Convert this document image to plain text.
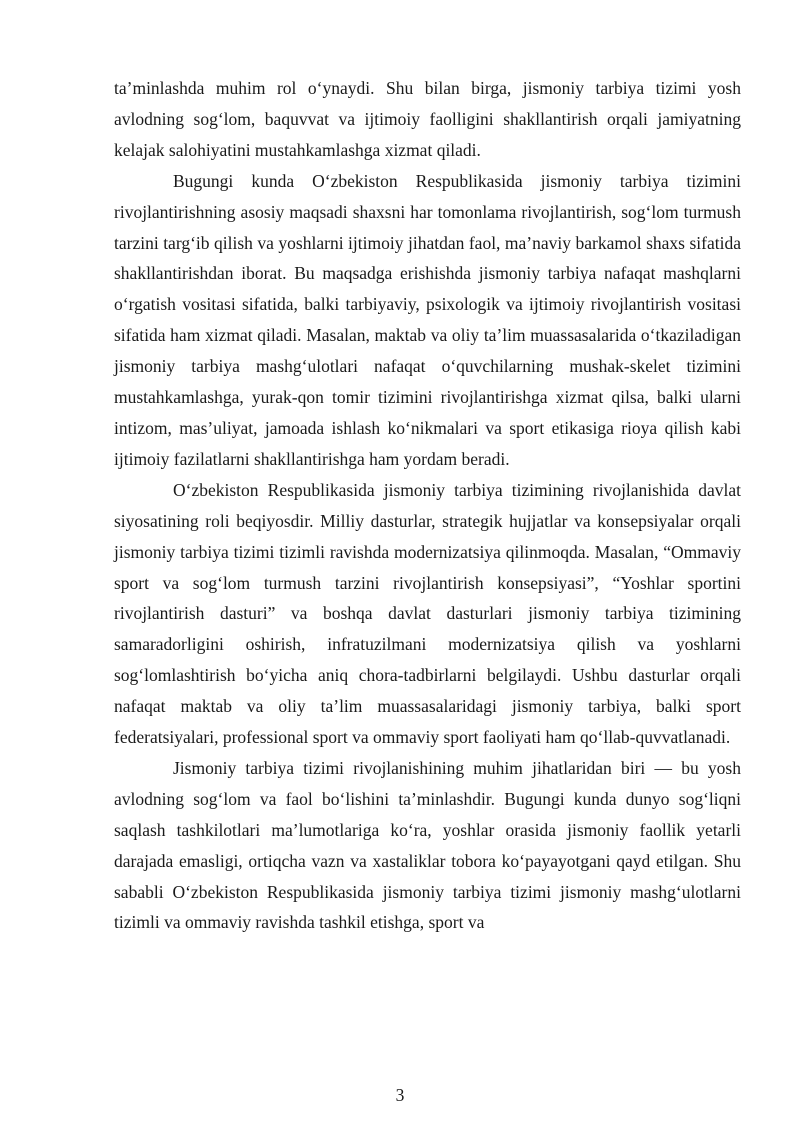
ta’minlashda muhim rol o‘ynaydi. Shu bilan birga, jismoniy tarbiya tizimi yosh avlodning sog‘lom, baquvvat va ijtimoiy faolligini shakllantirish orqali jamiyatning kelajak salohiyatini mustahkamlashga xizmat qiladi.

Bugungi kunda O‘zbekiston Respublikasida jismoniy tarbiya tizimini rivojlantirishning asosiy maqsadi shaxsni har tomonlama rivojlantirish, sog‘lom turmush tarzini targ‘ib qilish va yoshlarni ijtimoiy jihatdan faol, ma’naviy barkamol shaxs sifatida shakllantirishdan iborat. Bu maqsadga erishishda jismoniy tarbiya nafaqat mashqlarni o‘rgatish vositasi sifatida, balki tarbiyaviy, psixologik va ijtimoiy rivojlantirish vositasi sifatida ham xizmat qiladi. Masalan, maktab va oliy ta’lim muassasalarida o‘tkaziladigan jismoniy tarbiya mashg‘ulotlari nafaqat o‘quvchilarning mushak-skelet tizimini mustahkamlashga, yurak-qon tomir tizimini rivojlantirishga xizmat qilsa, balki ularni intizom, mas’uliyat, jamoada ishlash ko‘nikmalari va sport etikasiga rioya qilish kabi ijtimoiy fazilatlarni shakllantirishga ham yordam beradi.

O‘zbekiston Respublikasida jismoniy tarbiya tizimining rivojlanishida davlat siyosatining roli beqiyosdir. Milliy dasturlar, strategik hujjatlar va konsepsiyalar orqali jismoniy tarbiya tizimi tizimli ravishda modernizatsiya qilinmoqda. Masalan, “Ommaviy sport va sog‘lom turmush tarzini rivojlantirish konsepsiyasi”, “Yoshlar sportini rivojlantirish dasturi” va boshqa davlat dasturlari jismoniy tarbiya tizimining samaradorligini oshirish, infratuzilmani modernizatsiya qilish va yoshlarni sog‘lomlashtirish bo‘yicha aniq chora-tadbirlarni belgilaydi. Ushbu dasturlar orqali nafaqat maktab va oliy ta’lim muassasalaridagi jismoniy tarbiya, balki sport federatsiyalari, professional sport va ommaviy sport faoliyati ham qo‘llab-quvvatlanadi.

Jismoniy tarbiya tizimi rivojlanishining muhim jihatlaridan biri — bu yosh avlodning sog‘lom va faol bo‘lishini ta’minlashdir. Bugungi kunda dunyo sog‘liqni saqlash tashkilotlari ma’lumotlariga ko‘ra, yoshlar orasida jismoniy faollik yetarli darajada emasligi, ortiqcha vazn va xastaliklar tobora ko‘payayotgani qayd etilgan. Shu sababli O‘zbekiston Respublikasida jismoniy tarbiya tizimi jismoniy mashg‘ulotlarni tizimli va ommaviy ravishda tashkil etishga, sport va

3
